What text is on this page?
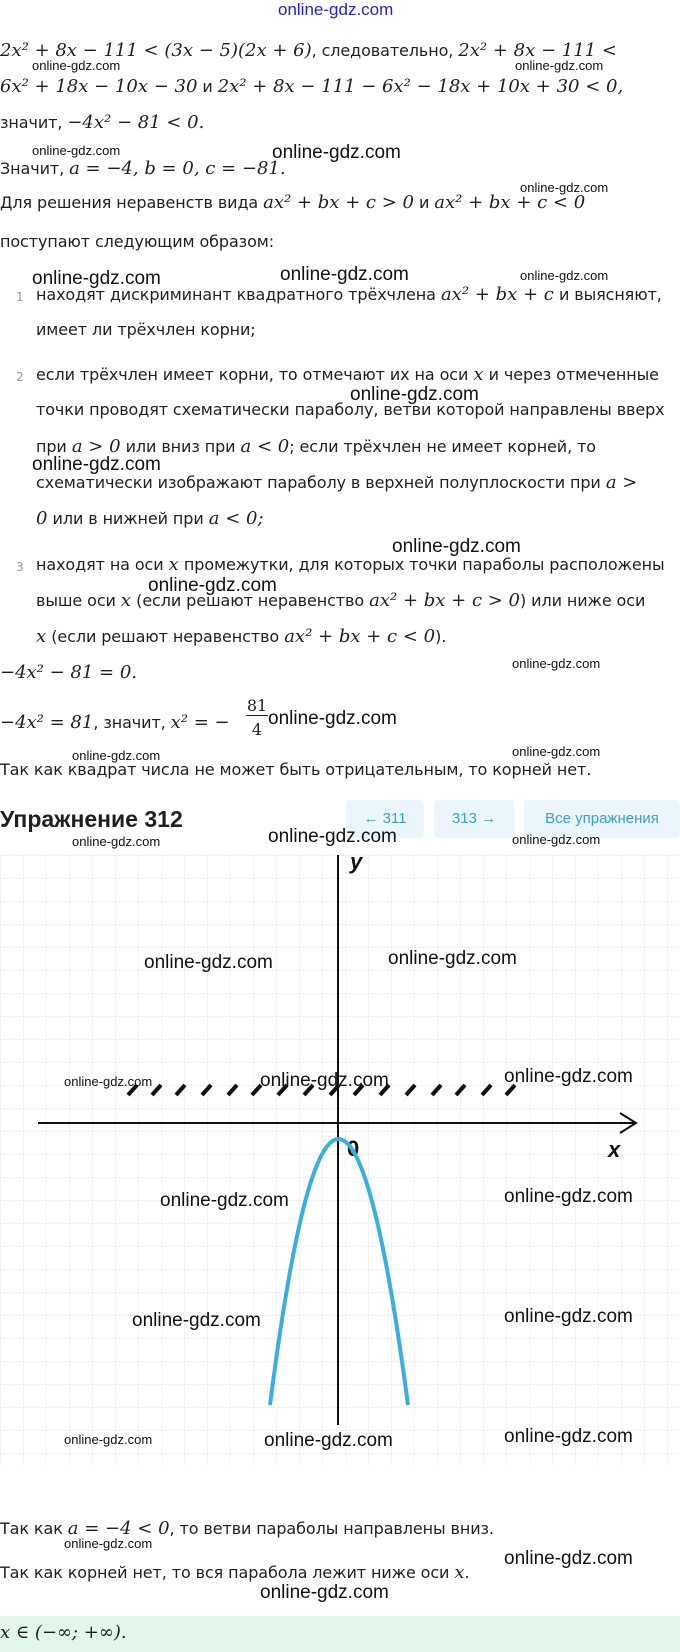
online-gdz.com
2x² + 8x − 111 < (3x − 5)(2x + 6), следовательно, 2x² + 8x − 111 <
6x² + 18x − 10x − 30 и 2x² + 8x − 111 − 6x² − 18x + 10x + 30 < 0,
значит, −4x² − 81 < 0.
Значит, a = −4, b = 0, c = −81.
Для решения неравенств вида ax² + bx + c > 0 и ax² + bx + c < 0
поступают следующим образом:
1 находят дискриминант квадратного трёхчлена ax² + bx + c и выясняют,
имеет ли трёхчлен корни;
2 если трёхчлен имеет корни, то отмечают их на оси x и через отмеченные
точки проводят схематически параболу, ветви которой направлены вверх
при a > 0 или вниз при a < 0; если трёхчлен не имеет корней, то
схематически изображают параболу в верхней полуплоскости при a >
0 или в нижней при a < 0;
3 находят на оси x промежутки, для которых точки параболы расположены
выше оси x (если решают неравенство ax² + bx + c > 0) или ниже оси
x (если решают неравенство ax² + bx + c < 0).
−4x² − 81 = 0.
−4x² = 81, значит, x² = −
81
4
Так как квадрат числа не может быть отрицательным, то корней нет.
Упражнение 312	← 311	313 →	Все упражнения
y
x
0
Так как a = −4 < 0, то ветви параболы направлены вниз.
Так как корней нет, то вся парабола лежит ниже оси x.
x ∈ (−∞; +∞).
online-gdz.com	online-gdz.com
online-gdz.com	online-gdz.com
online-gdz.com
online-gdz.com	online-gdz.com	online-gdz.com
online-gdz.com
online-gdz.com
online-gdz.com
online-gdz.com
online-gdz.com
online-gdz.com
online-gdz.com	online-gdz.com
online-gdz.com	online-gdz.com	online-gdz.com
online-gdz.com	online-gdz.com
online-gdz.com	online-gdz.com	online-gdz.com
online-gdz.com	online-gdz.com
online-gdz.com	online-gdz.com
online-gdz.com	online-gdz.com	online-gdz.com
online-gdz.com
online-gdz.com
online-gdz.com
